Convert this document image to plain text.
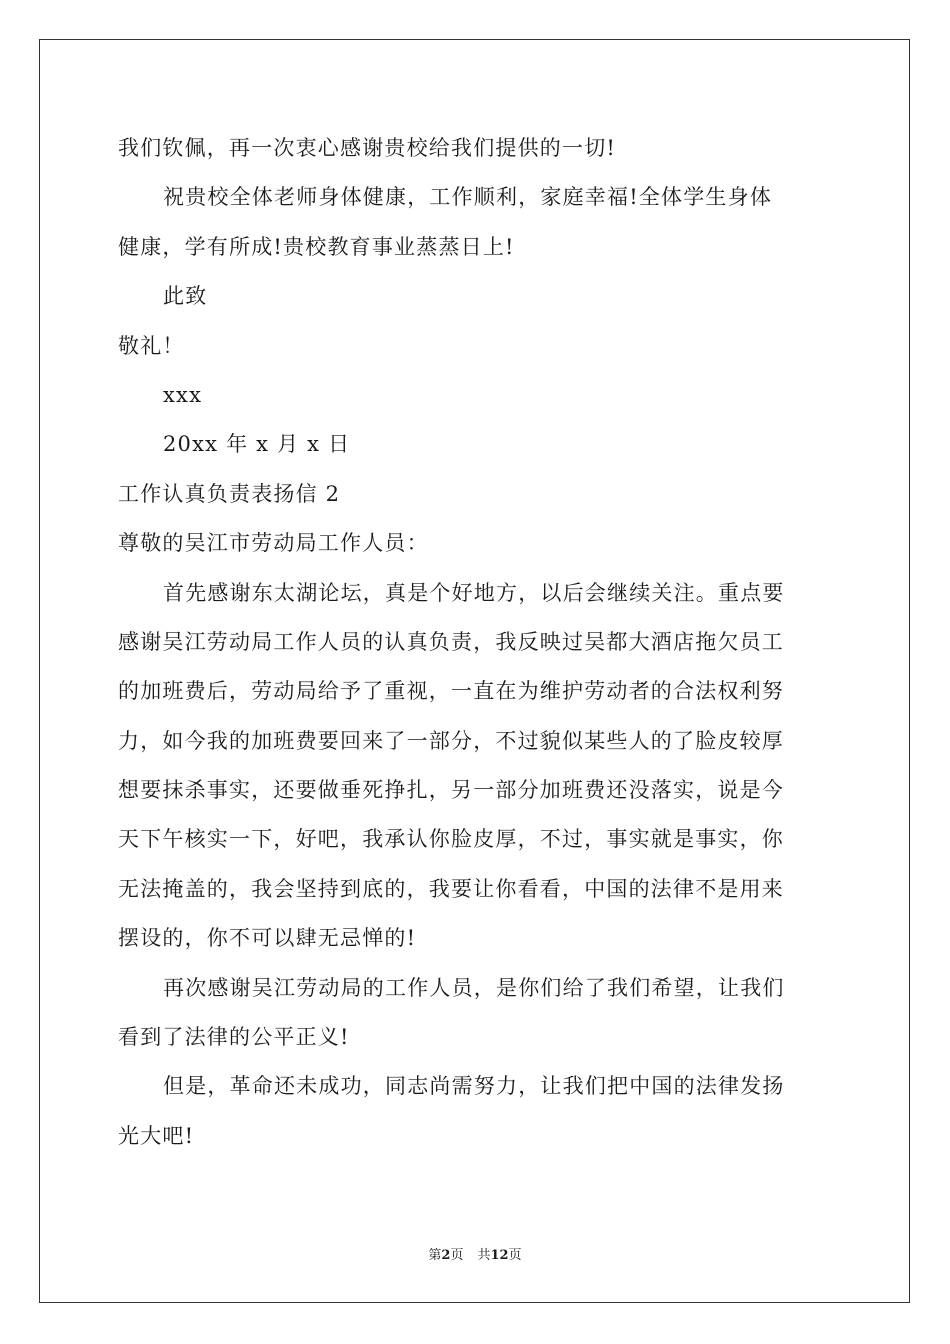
我们钦佩，再一次衷心感谢贵校给我们提供的一切!
祝贵校全体老师身体健康，工作顺利，家庭幸福!全体学生身体
健康，学有所成!贵校教育事业蒸蒸日上!
此致
敬礼！
xxx
20xx 年 x 月 x 日
工作认真负责表扬信 2
尊敬的吴江市劳动局工作人员：
首先感谢东太湖论坛，真是个好地方，以后会继续关注。重点要
感谢吴江劳动局工作人员的认真负责，我反映过吴都大酒店拖欠员工
的加班费后，劳动局给予了重视，一直在为维护劳动者的合法权利努
力，如今我的加班费要回来了一部分，不过貌似某些人的了脸皮较厚
想要抹杀事实，还要做垂死挣扎，另一部分加班费还没落实，说是今
天下午核实一下，好吧，我承认你脸皮厚，不过，事实就是事实，你
无法掩盖的，我会坚持到底的，我要让你看看，中国的法律不是用来
摆设的，你不可以肆无忌惮的!
再次感谢吴江劳动局的工作人员，是你们给了我们希望，让我们
看到了法律的公平正义!
但是，革命还未成功，同志尚需努力，让我们把中国的法律发扬
光大吧!
第2页 共12页
